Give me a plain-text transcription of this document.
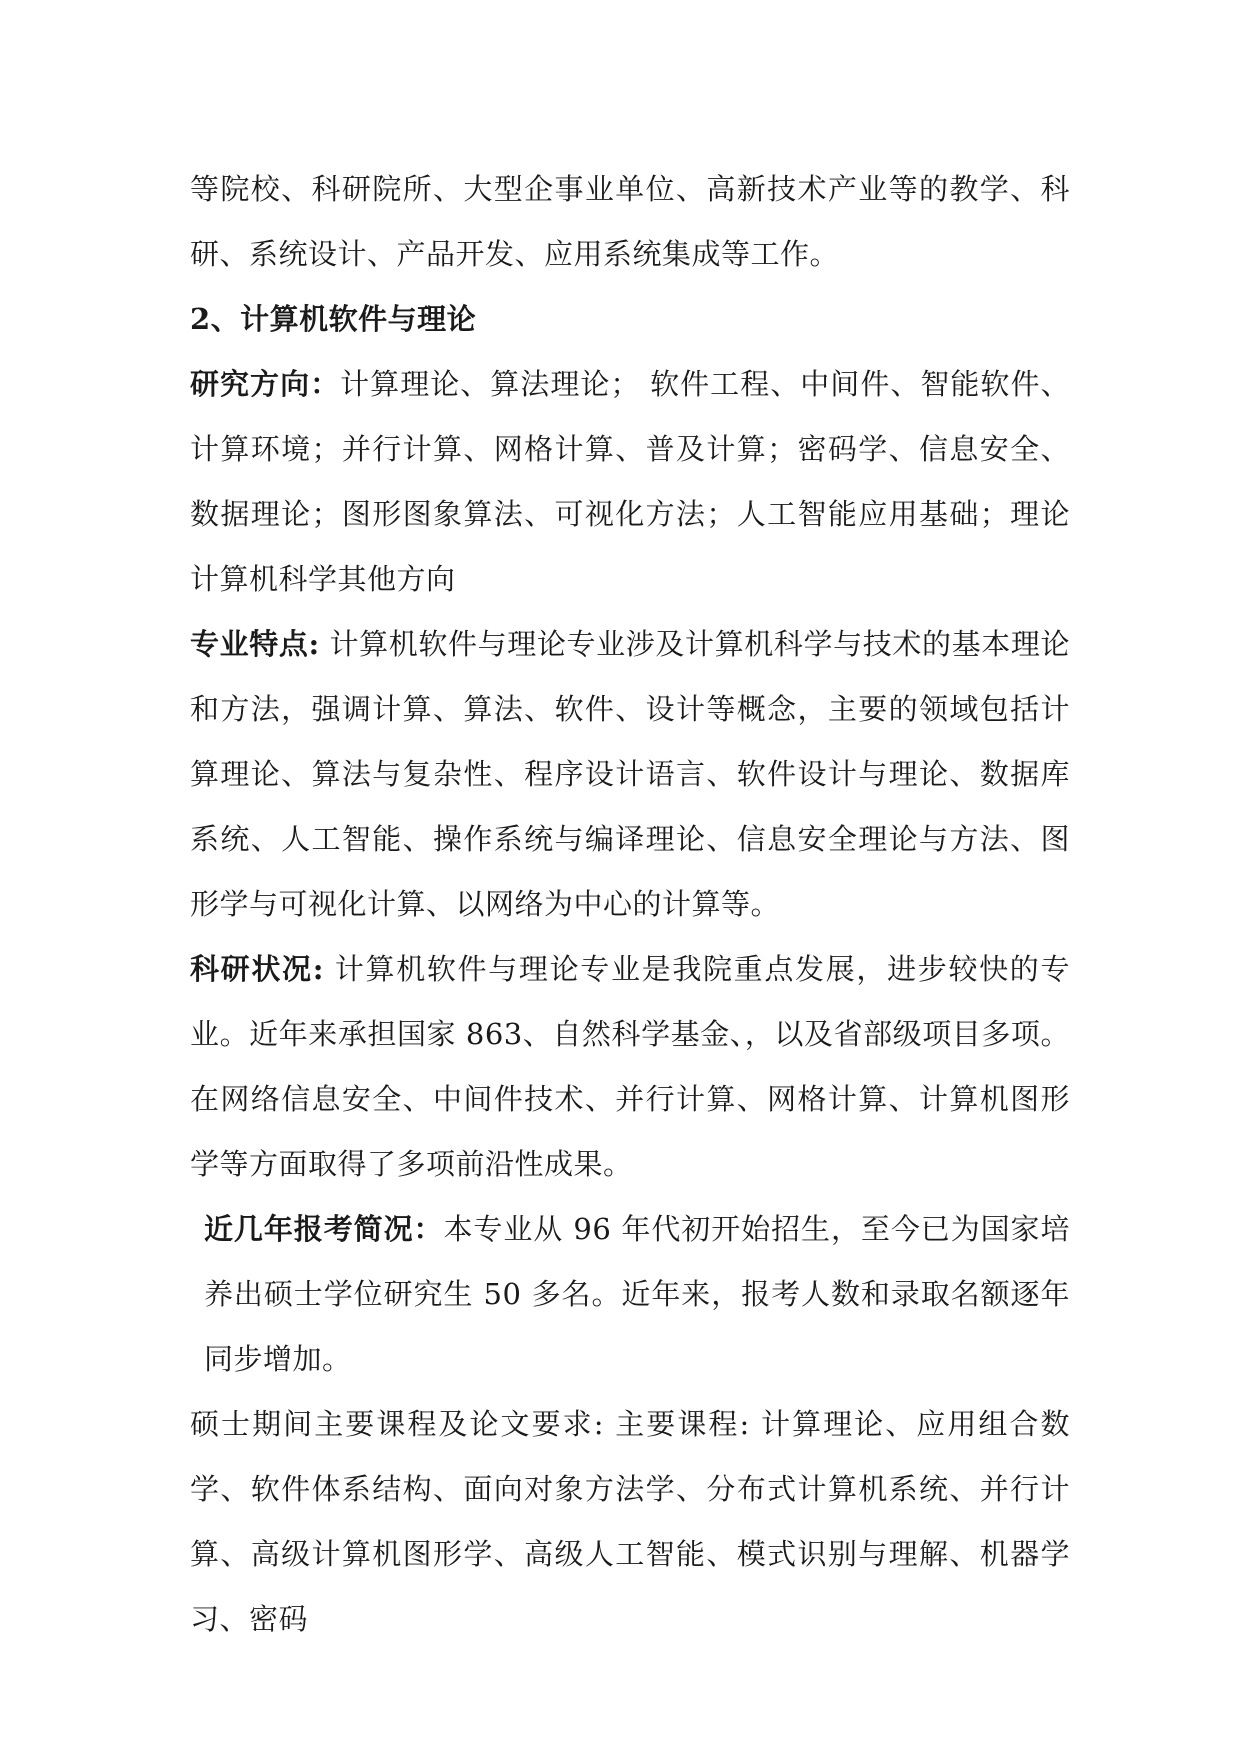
等院校、科研院所、大型企事业单位、高新技术产业等的教学、科研、系统设计、产品开发、应用系统集成等工作。

2、计算机软件与理论

研究方向：计算理论、算法理论； 软件工程、中间件、智能软件、计算环境；并行计算、网格计算、普及计算；密码学、信息安全、数据理论；图形图象算法、可视化方法；人工智能应用基础；理论计算机科学其他方向

专业特点: 计算机软件与理论专业涉及计算机科学与技术的基本理论和方法，强调计算、算法、软件、设计等概念，主要的领域包括计算理论、算法与复杂性、程序设计语言、软件设计与理论、数据库系统、人工智能、操作系统与编译理论、信息安全理论与方法、图形学与可视化计算、以网络为中心的计算等。

科研状况: 计算机软件与理论专业是我院重点发展，进步较快的专业。近年来承担国家 863、自然科学基金、，以及省部级项目多项。在网络信息安全、中间件技术、并行计算、网格计算、计算机图形学等方面取得了多项前沿性成果。

近几年报考简况：本专业从 96 年代初开始招生，至今已为国家培养出硕士学位研究生 50 多名。近年来，报考人数和录取名额逐年同步增加。

硕士期间主要课程及论文要求: 主要课程: 计算理论、应用组合数学、软件体系结构、面向对象方法学、分布式计算机系统、并行计算、高级计算机图形学、高级人工智能、模式识别与理解、机器学习、密码
